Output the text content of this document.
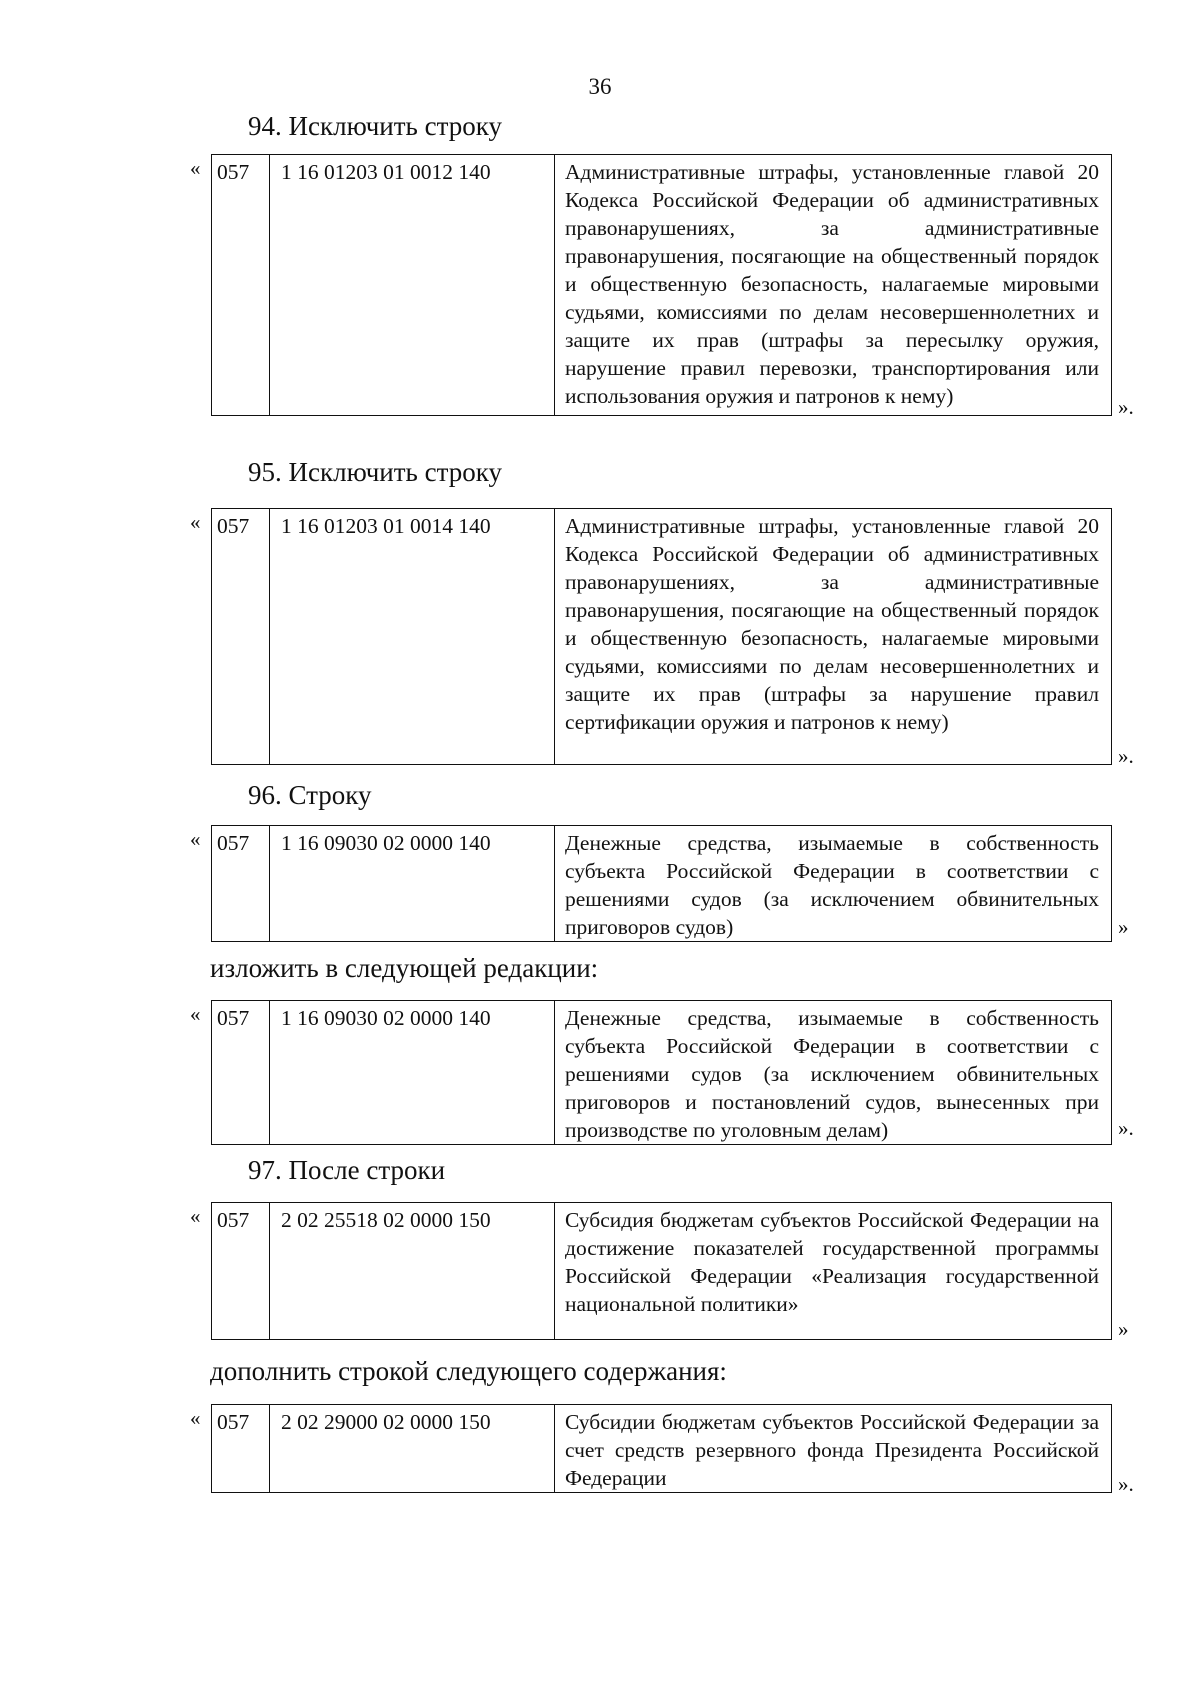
36
94. Исключить строку
« 057	1 16 01203 01 0012 140	Административные штрафы, установленные главой 20 Кодекса Российской Федерации об административных правонарушениях, за административные правонарушения, посягающие на общественный порядок и общественную безопасность, налагаемые мировыми судьями, комиссиями по делам несовершеннолетних и защите их прав (штрафы за пересылку оружия, нарушение правил перевозки, транспортирования или использования оружия и патронов к нему)	».
95. Исключить строку
« 057	1 16 01203 01 0014 140	Административные штрафы, установленные главой 20 Кодекса Российской Федерации об административных правонарушениях, за административные правонарушения, посягающие на общественный порядок и общественную безопасность, налагаемые мировыми судьями, комиссиями по делам несовершеннолетних и защите их прав (штрафы за нарушение правил сертификации оружия и патронов к нему)
».
96. Строку
« 057	1 16 09030 02 0000 140	Денежные средства, изымаемые в собственность субъекта Российской Федерации в соответствии с решениями судов (за исключением обвинительных приговоров судов)	»
изложить в следующей редакции:
« 057	1 16 09030 02 0000 140	Денежные средства, изымаемые в собственность субъекта Российской Федерации в соответствии с решениями судов (за исключением обвинительных приговоров и постановлений судов, вынесенных при производстве по уголовным делам)	».
97. После строки
« 057	2 02 25518 02 0000 150	Субсидия бюджетам субъектов Российской Федерации на достижение показателей государственной программы Российской Федерации «Реализация государственной национальной политики»
»
дополнить строкой следующего содержания:
« 057	2 02 29000 02 0000 150	Субсидии бюджетам субъектов Российской Федерации за счет средств резервного фонда Президента Российской Федерации	».
